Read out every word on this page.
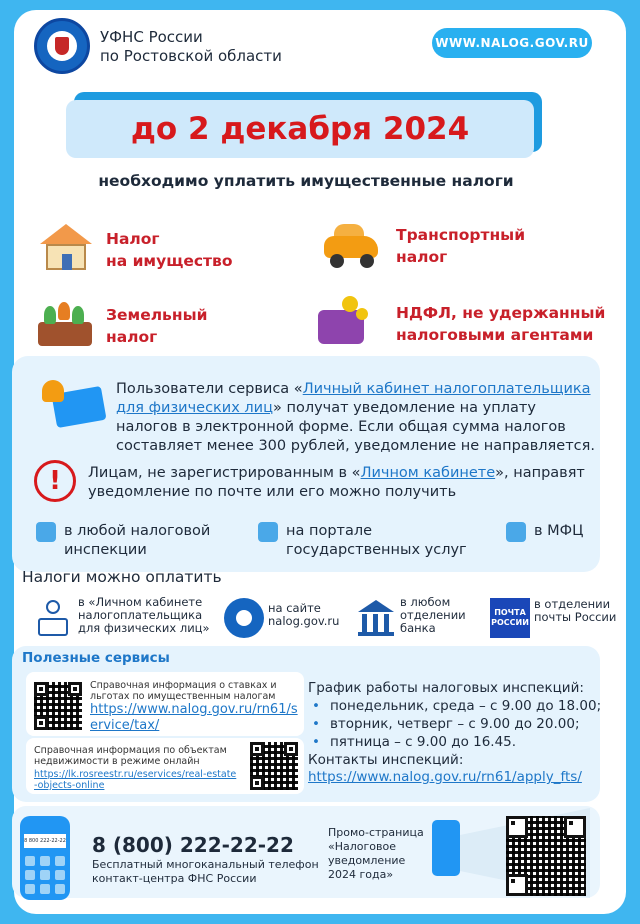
УФНС России
по Ростовской области
WWW.NALOG.GOV.RU
до 2 декабря 2024
необходимо уплатить имущественные налоги
Налог
на имущество
Транспортный
налог
Земельный
налог
НДФЛ, не удержанный
налоговыми агентами
Пользователи сервиса «Личный кабинет налогоплательщика для физических лиц» получат уведомление на уплату налогов в электронной форме. Если общая сумма налогов составляет менее 300 рублей, уведомление не направляется.
!	Лицам, не зарегистрированным в «Личном кабинете», направят уведомление по почте или его можно получить
в любой налоговой
инспекции
на портале
государственных услуг
в МФЦ
Налоги можно оплатить
в «Личном кабинете
налогоплательщика
для физических лиц»
на сайте
nalog.gov.ru
в любом
отделении
банка
ПОЧТА РОССИИ
в отделении
почты России
Полезные сервисы
Справочная информация о ставках и льготах по имущественным налогам
https://www.nalog.gov.ru/rn61/service/tax/
Справочная информация по объектам недвижимости в режиме онлайн
https://lk.rosreestr.ru/eservices/real-estate-objects-online
График работы налоговых инспекций:
• понедельник, среда – с 9.00 до 18.00;
• вторник, четверг – с 9.00 до 20.00;
• пятница – с 9.00 до 16.45.
Контакты инспекций:
https://www.nalog.gov.ru/rn61/apply_fts/
8 800 222-22-22 8 (800) 222-22-22
Бесплатный многоканальный телефон
контакт-центра ФНС России
Промо-страница
«Налоговое
уведомление
2024 года»
